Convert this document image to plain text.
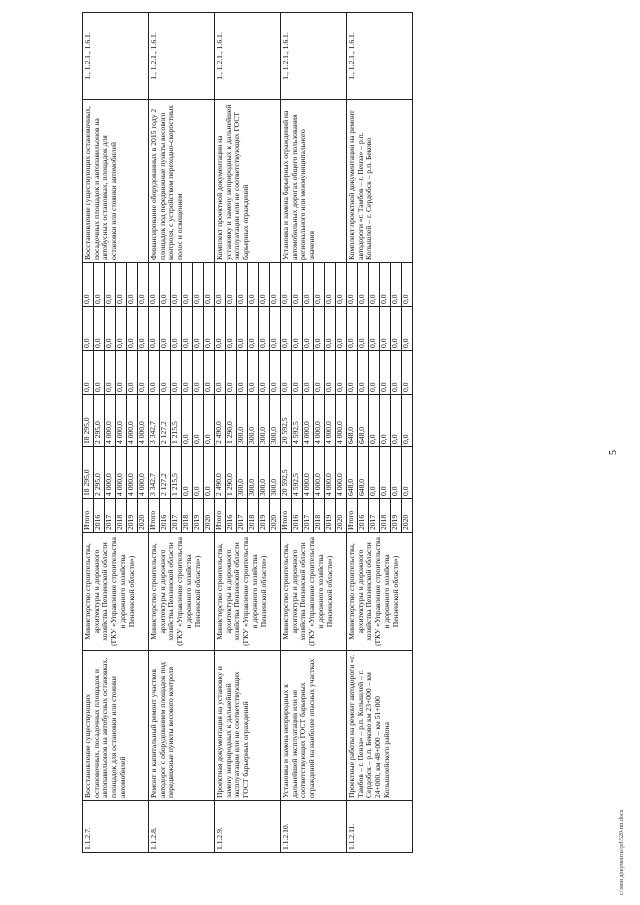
1.1.2.7.	Восстановление существующих остановочных, посадочных площадок и автопавильонов на автобусных остановках, площадок для остановки или стоянки автомобилей	Министерство строительства, архитектуры и дорожного хозяйства Пензенской области (ГКУ «Управление строительства и дорожного хозяйства Пензенской области»)	Итого	18 295,0	18 295,0	0,0	0,0	0,0	Восстановление существующих остановочных, посадочных площадок и автопавильонов на автобусных остановках, площадок для остановки или стоянки автомобилей	1., 1.2.1., 1.6.1.
			2016	2 295,0	2 295,0	0,0	0,0	0,0		
			2017	4 000,0	4 000,0	0,0	0,0	0,0		
			2018	4 000,0	4 000,0	0,0	0,0	0,0		
			2019	4 000,0	4 000,0	0,0	0,0	0,0		
			2020	4 000,0	4 000,0	0,0	0,0	0,0		
1.1.2.8.	Ремонт и капитальный ремонт участков автодорог с оборудованием площадок под передвижные пункты весового контроля	Министерство строительства, архитектуры и дорожного хозяйства Пензенской области (ГКУ «Управление строительства и дорожного хозяйства Пензенской области»)	Итого	3 342,7	3 342,7	0,0	0,0	0,0	Финансирование оборудованных в 2015 году 2 площадок под передвижные пункты весового контроля, с устройством переходно-скоростных полос и освещением	1., 1.2.1., 1.6.1.
			2016	2 127,2	2 127,2	0,0	0,0	0,0		
			2017	1 215,5	1 215,5	0,0	0,0	0,0		
			2018	0,0	0,0	0,0	0,0	0,0		
			2019	0,0	0,0	0,0	0,0	0,0		
			2020	0,0	0,0	0,0	0,0	0,0		
1.1.2.9.	Проектная документация на установку и замену неприродных к дальнейшей эксплуатации или не соответствующих ГОСТ барьерных ограждений	Министерство строительства, архитектуры и дорожного хозяйства Пензенской области (ГКУ «Управление строительства и дорожного хозяйства Пензенской области»)	Итого	2 490,0	2 490,0	0,0	0,0	0,0	Комплект проектной документации на установку и замену неприродных к дальнейшей эксплуатации или не соответствующих ГОСТ барьерных ограждений	1., 1.2.1., 1.6.1.
			2016	1 290,0	1 290,0	0,0	0,0	0,0		
			2017	300,0	300,0	0,0	0,0	0,0		
			2018	300,0	300,0	0,0	0,0	0,0		
			2019	300,0	300,0	0,0	0,0	0,0		
			2020	300,0	300,0	0,0	0,0	0,0		
1.1.2.10.	Установка и замена неприродных к дальнейшей эксплуатации или не соответствующих ГОСТ барьерных ограждений на наиболее опасных участках	Министерство строительства, архитектуры и дорожного хозяйства Пензенской области (ГКУ «Управление строительства и дорожного хозяйства Пензенской области»)	Итого	20 592,5	20 592,5	0,0	0,0	0,0	Установка и замена барьерных ограждений на автомобильных дорогах общего пользования регионального или межмуниципального значения	1., 1.2.1., 1.6.1.
			2016	4 592,5	4 592,5	0,0	0,0	0,0		
			2017	4 000,0	4 000,0	0,0	0,0	0,0		
			2018	4 000,0	4 000,0	0,0	0,0	0,0		
			2019	4 000,0	4 000,0	0,0	0,0	0,0		
			2020	4 000,0	4 000,0	0,0	0,0	0,0		
1.1.2.11.	Проектные работы на ремонт автодороги «г. Тамбов – г. Пенза» – р.п. Колышлей – г. Сердобск – р.п. Беково км 23+000 – км 24+000, км 48+000 – км 51+000 Колышлейского района	Министерство строительства, архитектуры и дорожного хозяйства Пензенской области (ГКУ «Управление строительства и дорожного хозяйства Пензенской области»)	Итого	648,0	648,0	0,0	0,0	0,0	Комплект проектной документации на ремонт автодороги «г. Тамбов – г. Пенза» – р.п. Колышлей – г. Сердобск – р.п. Беково	1., 1.2.1., 1.6.1.
			2016	648,0	648,0	0,0	0,0	0,0		
			2017	0,0	0,0	0,0	0,0	0,0		
			2018	0,0	0,0	0,0	0,0	0,0		
			2019	0,0	0,0	0,0	0,0	0,0		
			2020	0,0	0,0	0,0	0,0	0,0		
5
c:\мои документы\pd\520-пп.docx
